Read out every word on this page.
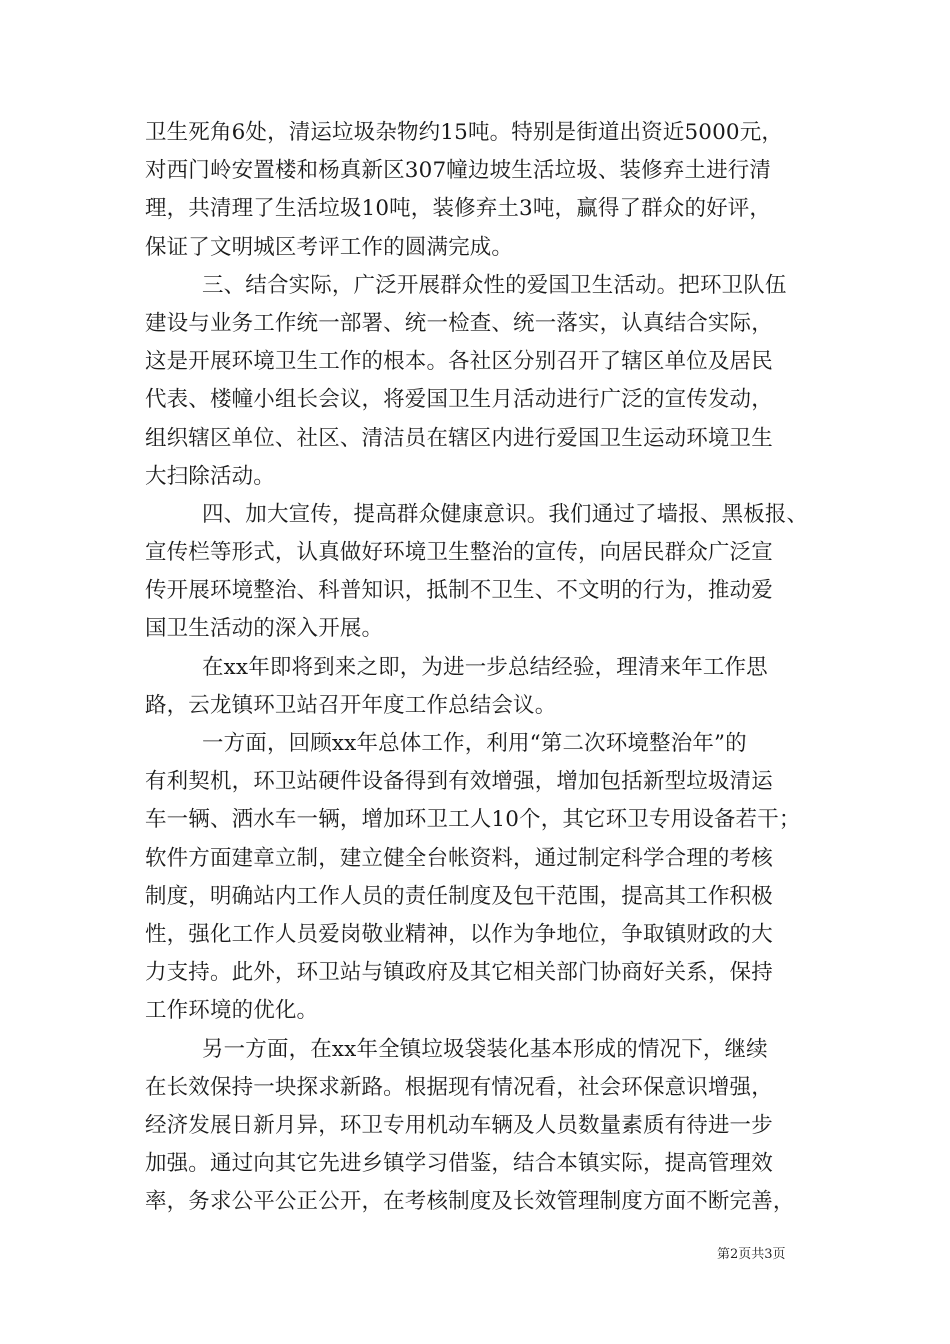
卫生死角6处，清运垃圾杂物约15吨。特别是街道出资近5000元，
对西门岭安置楼和杨真新区307幢边坡生活垃圾、装修弃土进行清
理，共清理了生活垃圾10吨，装修弃土3吨，赢得了群众的好评，
保证了文明城区考评工作的圆满完成。
三、结合实际，广泛开展群众性的爱国卫生活动。把环卫队伍
建设与业务工作统一部署、统一检查、统一落实，认真结合实际，
这是开展环境卫生工作的根本。各社区分别召开了辖区单位及居民
代表、楼幢小组长会议，将爱国卫生月活动进行广泛的宣传发动，
组织辖区单位、社区、清洁员在辖区内进行爱国卫生运动环境卫生
大扫除活动。
四、加大宣传，提高群众健康意识。我们通过了墙报、黑板报、
宣传栏等形式，认真做好环境卫生整治的宣传，向居民群众广泛宣
传开展环境整治、科普知识，抵制不卫生、不文明的行为，推动爱
国卫生活动的深入开展。
在xx年即将到来之即，为进一步总结经验，理清来年工作思
路，云龙镇环卫站召开年度工作总结会议。
一方面，回顾xx年总体工作，利用“第二次环境整治年”的
有利契机，环卫站硬件设备得到有效增强，增加包括新型垃圾清运
车一辆、洒水车一辆，增加环卫工人10个，其它环卫专用设备若干；
软件方面建章立制，建立健全台帐资料，通过制定科学合理的考核
制度，明确站内工作人员的责任制度及包干范围，提高其工作积极
性，强化工作人员爱岗敬业精神，以作为争地位，争取镇财政的大
力支持。此外，环卫站与镇政府及其它相关部门协商好关系，保持
工作环境的优化。
另一方面，在xx年全镇垃圾袋装化基本形成的情况下，继续
在长效保持一块探求新路。根据现有情况看，社会环保意识增强，
经济发展日新月异，环卫专用机动车辆及人员数量素质有待进一步
加强。通过向其它先进乡镇学习借鉴，结合本镇实际，提高管理效
率，务求公平公正公开，在考核制度及长效管理制度方面不断完善，
第2页共3页
